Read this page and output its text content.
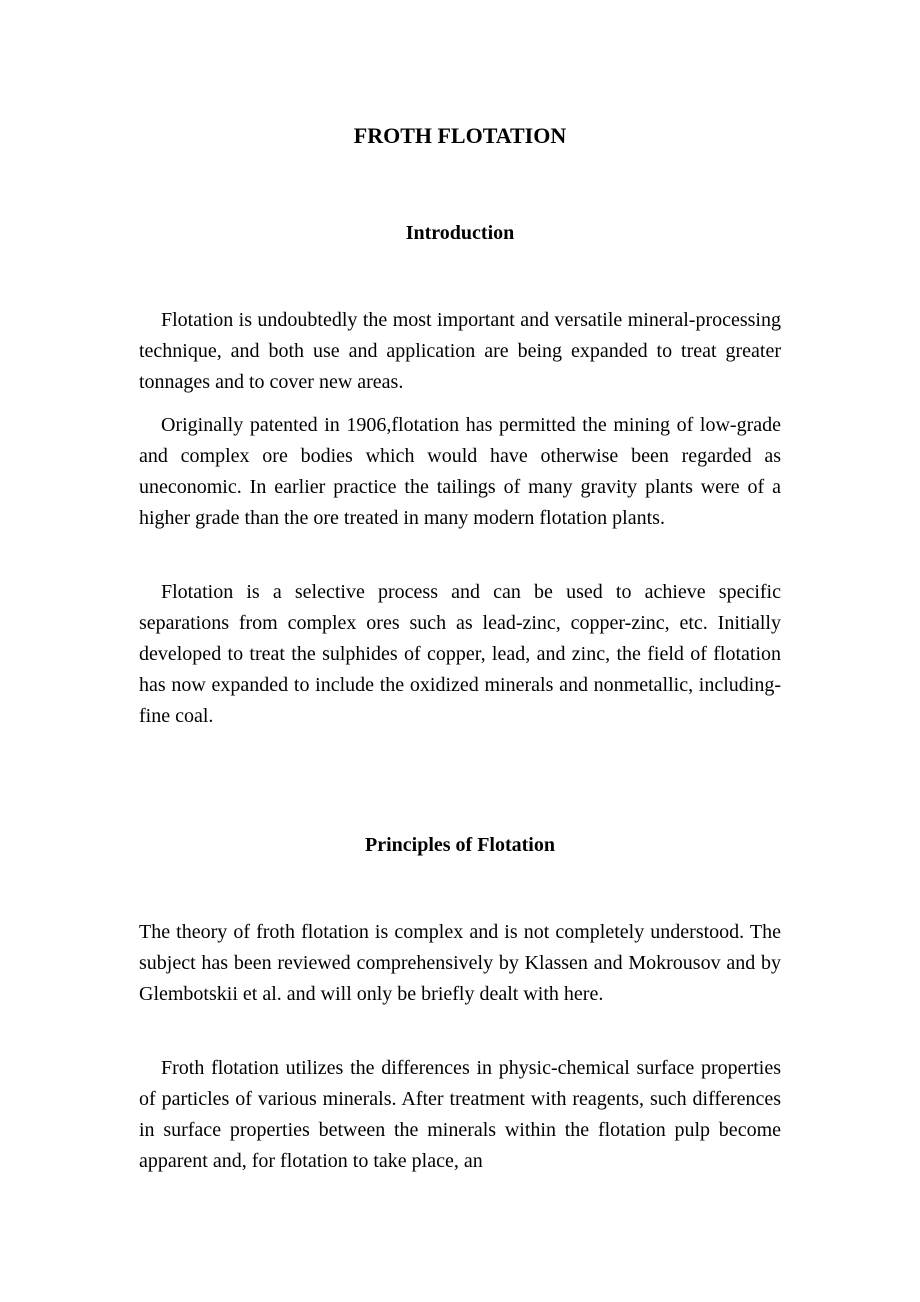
FROTH FLOTATION
Introduction

Flotation is undoubtedly the most important and versatile mineral-processing technique, and both use and application are being expanded to treat greater tonnages and to cover new areas.

Originally patented in 1906,flotation has permitted the mining of low-grade and complex ore bodies which would have otherwise been regarded as uneconomic. In earlier practice the tailings of many gravity plants were of a higher grade than the ore treated in many modern flotation plants.

Flotation is a selective process and can be used to achieve specific separations from complex ores such as lead-zinc, copper-zinc, etc. Initially developed to treat the sulphides of copper, lead, and zinc, the field of flotation has now expanded to include the oxidized minerals and nonmetallic, including-fine coal.

Principles of Flotation

The theory of froth flotation is complex and is not completely understood. The subject has been reviewed comprehensively by Klassen and Mokrousov and by Glembotskii et al. and will only be briefly dealt with here.

Froth flotation utilizes the differences in physic-chemical surface properties of particles of various minerals. After treatment with reagents, such differences in surface properties between the minerals within the flotation pulp become apparent and, for flotation to take place, an
